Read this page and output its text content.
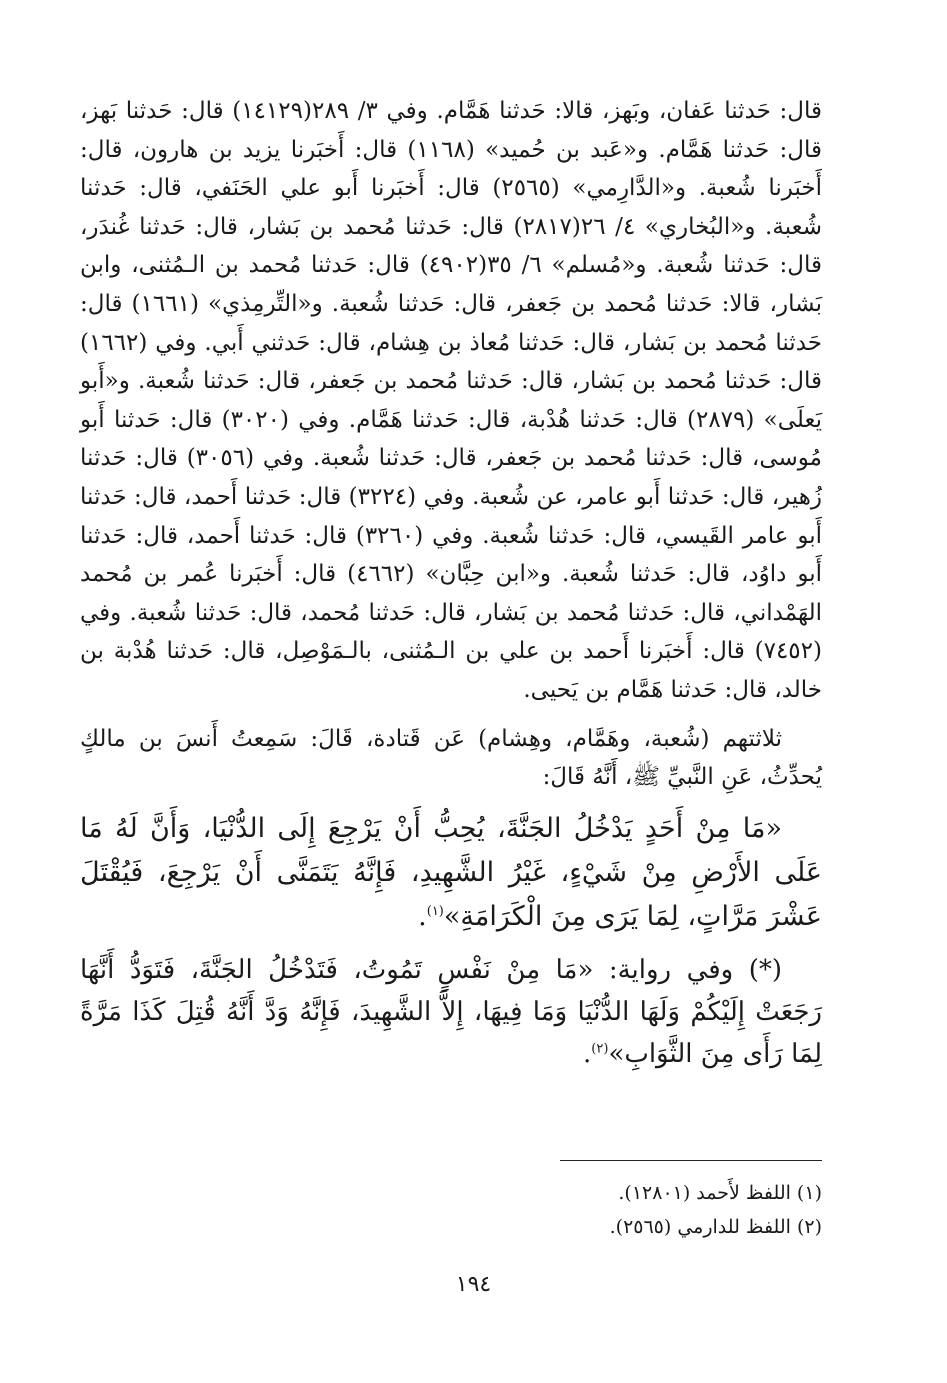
قال: حَدثنا عَفان، وبَهز، قالا: حَدثنا هَمَّام. وفي ٣/ ٢٨٩(١٤١٢٩) قال: حَدثنا بَهز، قال: حَدثنا هَمَّام. و«عَبد بن حُميد» (١١٦٨) قال: أَخبَرنا يزيد بن هارون، قال: أَخبَرنا شُعبة. و«الدَّارِمي» (٢٥٦٥) قال: أَخبَرنا أَبو علي الحَنَفي، قال: حَدثنا شُعبة. و«البُخاري» ٤/ ٢٦(٢٨١٧) قال: حَدثنا مُحمد بن بَشار، قال: حَدثنا غُندَر، قال: حَدثنا شُعبة. و«مُسلم» ٦/ ٣٥(٤٩٠٢) قال: حَدثنا مُحمد بن الـمُثنى، وابن بَشار، قالا: حَدثنا مُحمد بن جَعفر، قال: حَدثنا شُعبة. و«التِّرمِذي» (١٦٦١) قال: حَدثنا مُحمد بن بَشار، قال: حَدثنا مُعاذ بن هِشام، قال: حَدثني أَبي. وفي (١٦٦٢) قال: حَدثنا مُحمد بن بَشار، قال: حَدثنا مُحمد بن جَعفر، قال: حَدثنا شُعبة. و«أَبو يَعلَى» (٢٨٧٩) قال: حَدثنا هُدْبة، قال: حَدثنا هَمَّام. وفي (٣٠٢٠) قال: حَدثنا أَبو مُوسى، قال: حَدثنا مُحمد بن جَعفر، قال: حَدثنا شُعبة. وفي (٣٠٥٦) قال: حَدثنا زُهير، قال: حَدثنا أَبو عامر، عن شُعبة. وفي (٣٢٢٤) قال: حَدثنا أَحمد، قال: حَدثنا أَبو عامر القَيسي، قال: حَدثنا شُعبة. وفي (٣٢٦٠) قال: حَدثنا أَحمد، قال: حَدثنا أَبو داوُد، قال: حَدثنا شُعبة. و«ابن حِبَّان» (٤٦٦٢) قال: أَخبَرنا عُمر بن مُحمد الهَمْداني، قال: حَدثنا مُحمد بن بَشار، قال: حَدثنا مُحمد، قال: حَدثنا شُعبة. وفي (٧٤٥٢) قال: أَخبَرنا أَحمد بن علي بن الـمُثنى، بالـمَوْصِل، قال: حَدثنا هُدْبة بن خالد، قال: حَدثنا هَمَّام بن يَحيى.

ثلاثتهم (شُعبة، وهَمَّام، وهِشام) عَن قَتادة، قَالَ: سَمِعتُ أَنسَ بن مالكٍ يُحدِّثُ، عَنِ النَّبيِّ ﷺ، أَنَّهُ قَالَ:

«مَا مِنْ أَحَدٍ يَدْخُلُ الجَنَّةَ، يُحِبُّ أَنْ يَرْجِعَ إِلَى الدُّنْيَا، وَأَنَّ لَهُ مَا عَلَى الأَرْضِ مِنْ شَيْءٍ، غَيْرُ الشَّهِيدِ، فَإِنَّهُ يَتَمَنَّى أَنْ يَرْجِعَ، فَيُقْتَلَ عَشْرَ مَرَّاتٍ، لِمَا يَرَى مِنَ الْكَرَامَةِ»$^{(١)}$.

(*) وفي رواية: «مَا مِنْ نَفْسٍ تَمُوتُ، فَتَدْخُلُ الجَنَّةَ، فَتَوَدُّ أَنَّهَا رَجَعَتْ إِلَيْكُمْ وَلَهَا الدُّنْيَا وَمَا فِيهَا، إِلاَّ الشَّهِيدَ، فَإِنَّهُ وَدَّ أَنَّهُ قُتِلَ كَذَا مَرَّةً لِمَا رَأَى مِنَ الثَّوَابِ»$^{(٢)}$.

(١) اللفظ لأَحمد (١٢٨٠١).

(٢) اللفظ للدارمي (٢٥٦٥).

١٩٤
